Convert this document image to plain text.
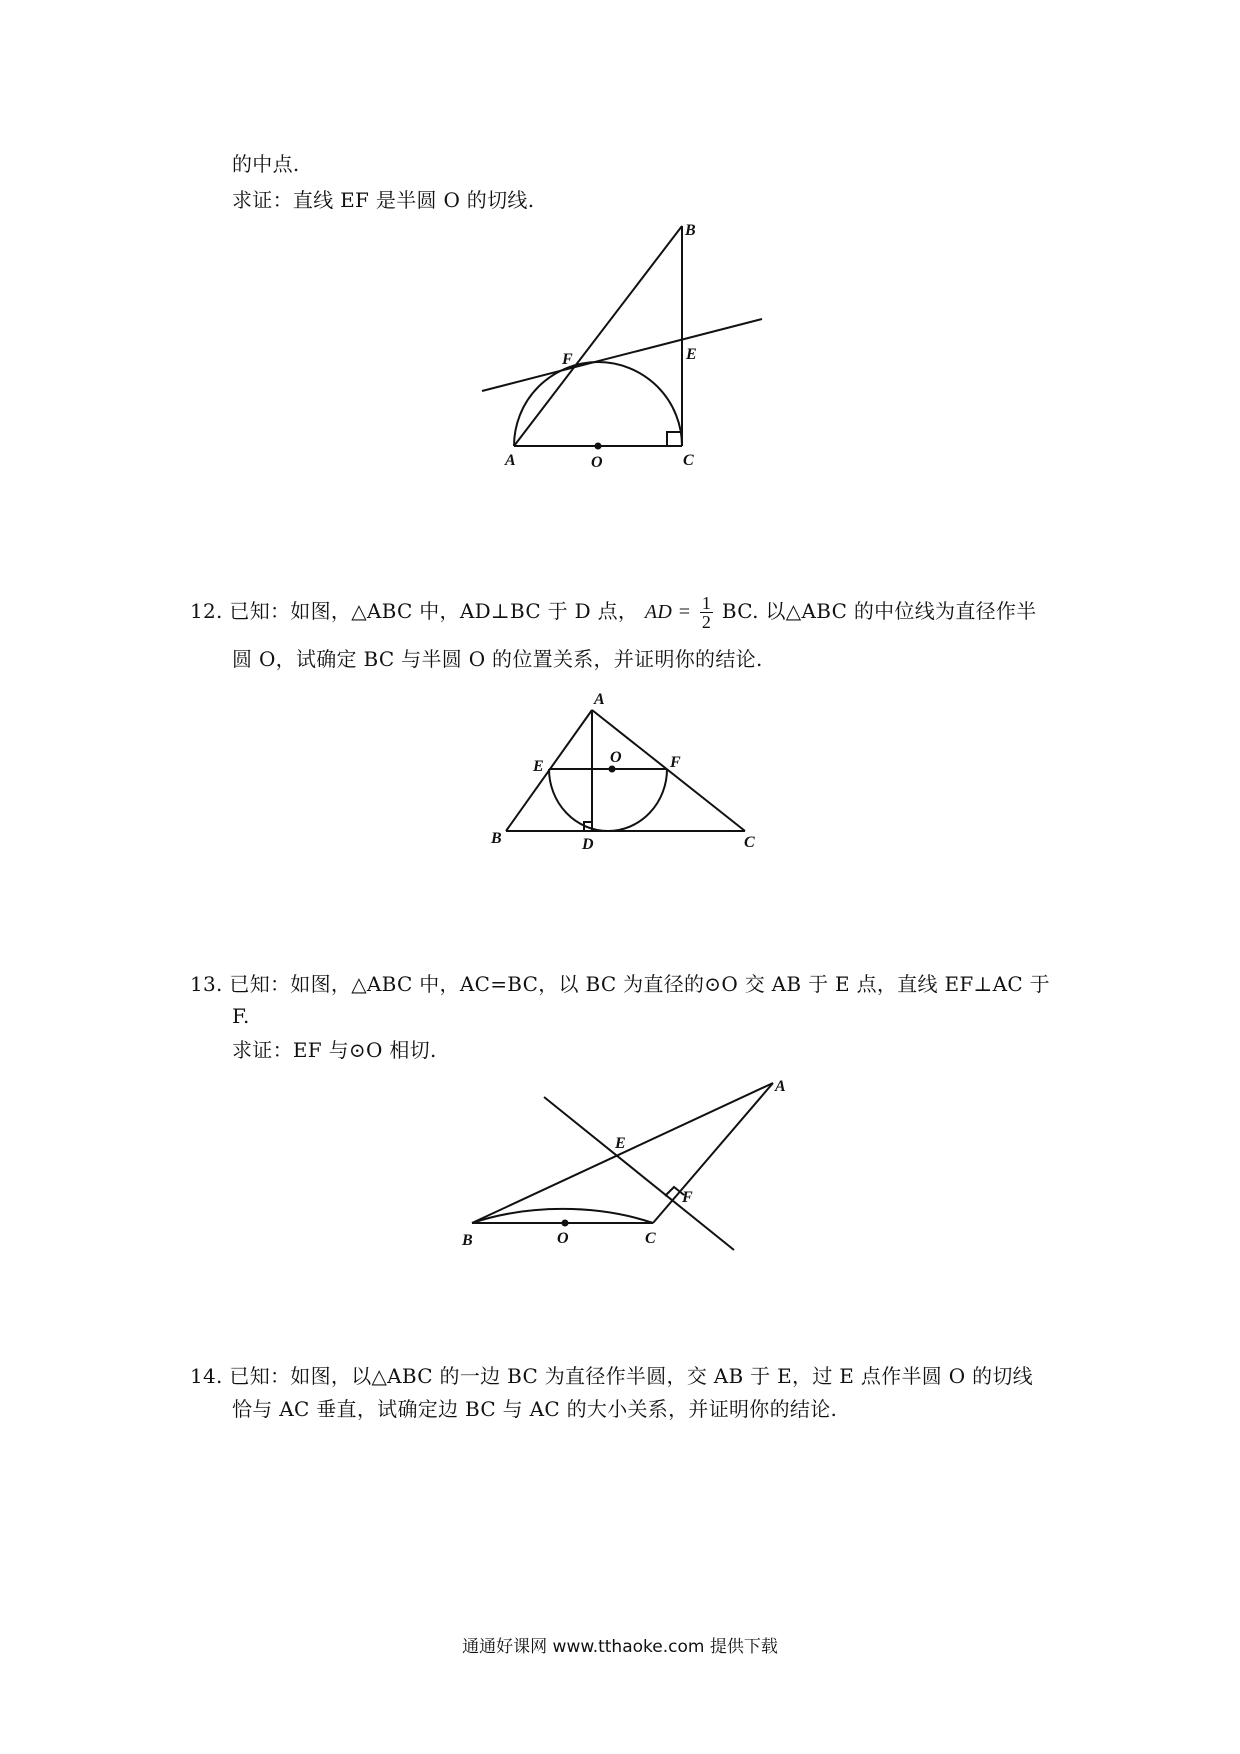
的中点.
求证：直线 EF 是半圆 O 的切线.
12. 已知：如图，△ABC 中，AD⊥BC 于 D 点， AD = $\frac{1}{2}$ BC. 以△ABC 的中位线为直径作半
圆 O，试确定 BC 与半圆 O 的位置关系，并证明你的结论.
13. 已知：如图，△ABC 中，AC=BC，以 BC 为直径的⊙O 交 AB 于 E 点，直线 EF⊥AC 于
F.
求证：EF 与⊙O 相切.
14. 已知：如图，以△ABC 的一边 BC 为直径作半圆，交 AB 于 E，过 E 点作半圆 O 的切线
恰与 AC 垂直，试确定边 BC 与 AC 的大小关系，并证明你的结论.
A	O	C
B
E
F
A
O
E	F
B	D	C
A
E
F
B	O	C
通通好课网 www.tthaoke.com 提供下载
